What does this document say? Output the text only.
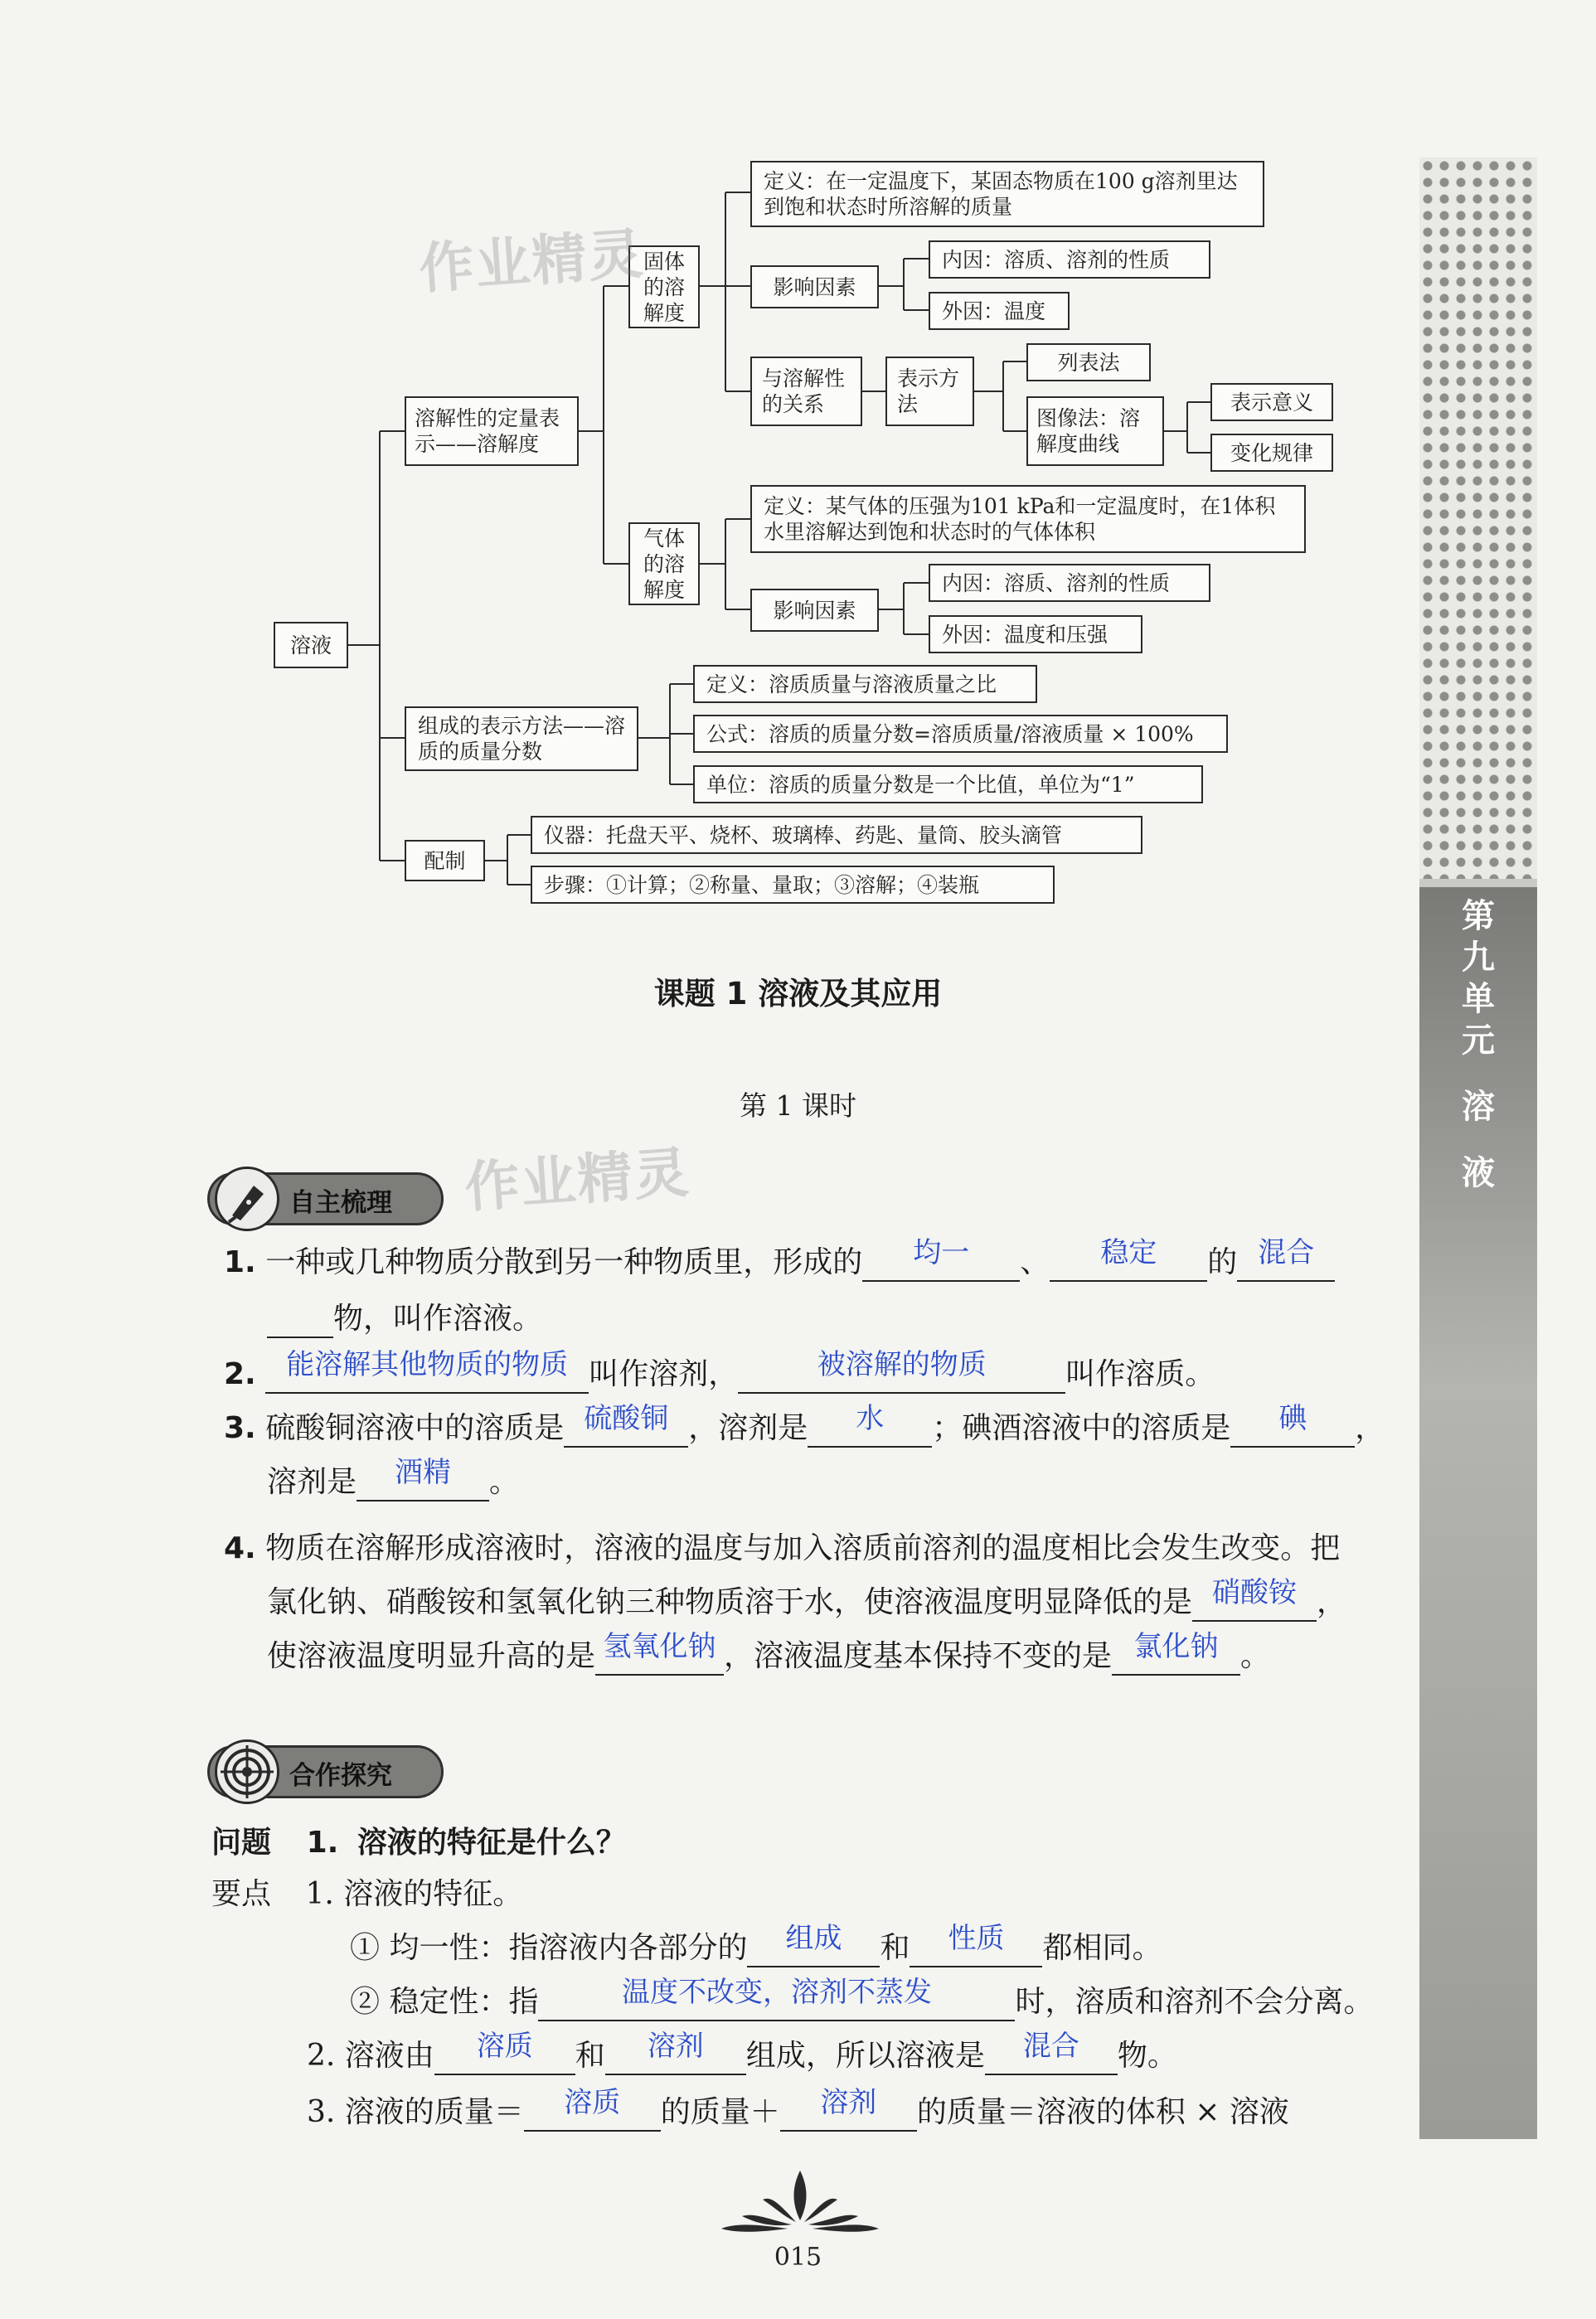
溶液
溶解性的定量表示——溶解度
固体的溶解度
定义：在一定温度下，某固态物质在100 g溶剂里达到饱和状态时所溶解的质量
影响因素
内因：溶质、溶剂的性质
外因：温度
与溶解性的关系
表示方法
列表法
图像法：溶解度曲线
表示意义
变化规律
气体的溶解度
定义：某气体的压强为101 kPa和一定温度时，在1体积水里溶解达到饱和状态时的气体体积
影响因素
内因：溶质、溶剂的性质
外因：温度和压强
组成的表示方法——溶质的质量分数
定义：溶质质量与溶液质量之比
公式：溶质的质量分数=溶质质量/溶液质量 × 100%
单位：溶质的质量分数是一个比值，单位为“1”
配制
仪器：托盘天平、烧杯、玻璃棒、药匙、量筒、胶头滴管
步骤：①计算；②称量、量取；③溶解；④装瓶
作业精灵
作业精灵
第
九
单
元
溶
液
课题 1 溶液及其应用
第 1 课时
自主梳理
1. 一种或几种物质分散到另一种物质里，形成的	均一	、	稳定	的 混合
物，叫作溶液。
2.	能溶解其他物质的物质 叫作溶剂，	被溶解的物质	叫作溶质。
3. 硫酸铜溶液中的溶质是 硫酸铜 ，溶剂是	水	；碘酒溶液中的溶质是	碘	，
溶剂是	酒精	。
4. 物质在溶解形成溶液时，溶液的温度与加入溶质前溶剂的温度相比会发生改变。把
氯化钠、硝酸铵和氢氧化钠三种物质溶于水，使溶液温度明显降低的是 硝酸铵 ，
使溶液温度明显升高的是 氢氧化钠 ，溶液温度基本保持不变的是 氯化钠 。
合作探究
问题 1. 溶液的特征是什么？
要点 1. 溶液的特征。
① 均一性：指溶液内各部分的	组成	和	性质	都相同。
② 稳定性：指	温度不改变，溶剂不蒸发	时，溶质和溶剂不会分离。
2. 溶液由	溶质	和	溶剂	组成，所以溶液是	混合	物。
3. 溶液的质量＝	溶质	的质量＋	溶剂	的质量＝溶液的体积 × 溶液
015
